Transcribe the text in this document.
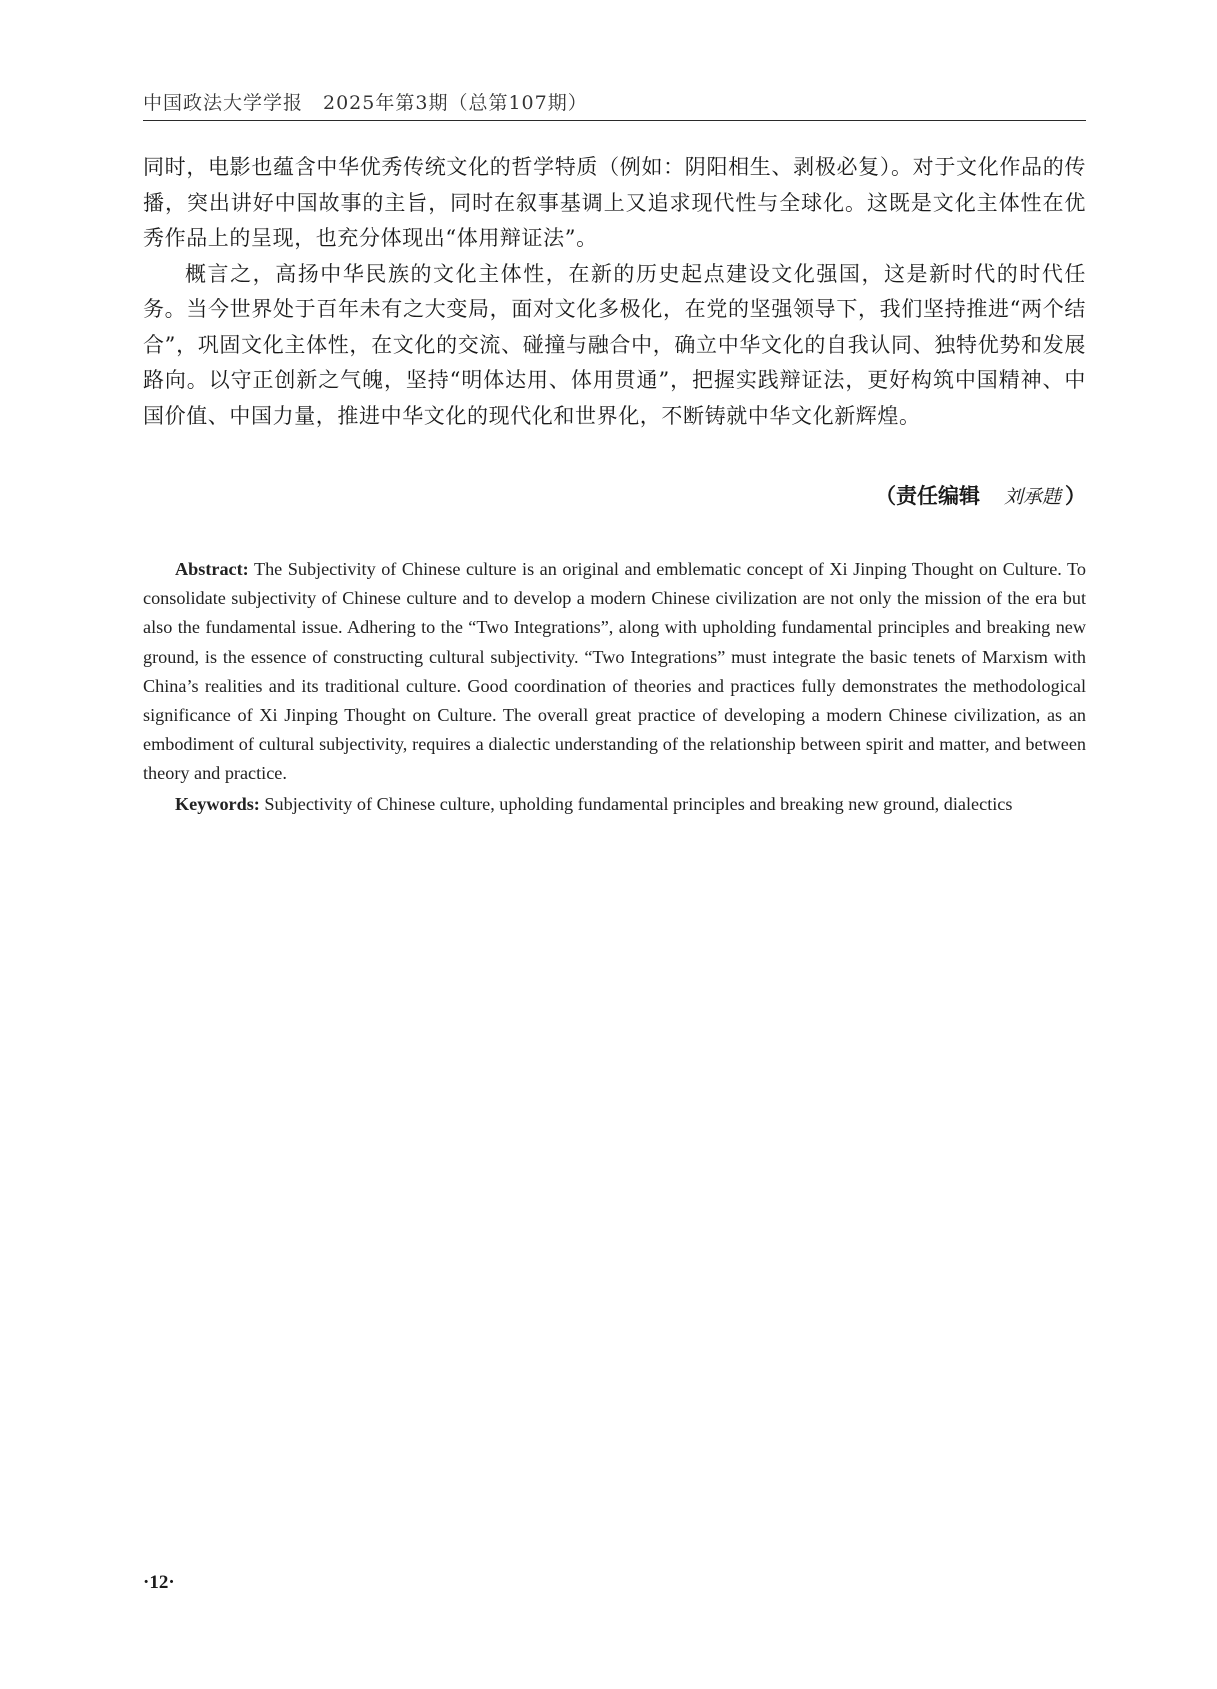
中国政法大学学报　2025年第3期（总第107期）

同时，电影也蕴含中华优秀传统文化的哲学特质（例如：阴阳相生、剥极必复）。对于文化作品的传播，突出讲好中国故事的主旨，同时在叙事基调上又追求现代性与全球化。这既是文化主体性在优秀作品上的呈现，也充分体现出“体用辩证法”。

概言之，高扬中华民族的文化主体性，在新的历史起点建设文化强国，这是新时代的时代任务。当今世界处于百年未有之大变局，面对文化多极化，在党的坚强领导下，我们坚持推进“两个结合”，巩固文化主体性，在文化的交流、碰撞与融合中，确立中华文化的自我认同、独特优势和发展路向。以守正创新之气魄，坚持“明体达用、体用贯通”，把握实践辩证法，更好构筑中国精神、中国价值、中国力量，推进中华文化的现代化和世界化，不断铸就中华文化新辉煌。

（责任编辑 刘承韪 ）

Abstract: The Subjectivity of Chinese culture is an original and emblematic concept of Xi Jinping Thought on Culture. To consolidate subjectivity of Chinese culture and to develop a modern Chinese civilization are not only the mission of the era but also the fundamental issue. Adhering to the “Two Integrations”, along with upholding fundamental principles and breaking new ground, is the essence of constructing cultural subjectivity. “Two Integrations” must integrate the basic tenets of Marxism with China’s realities and its traditional culture. Good coordination of theories and practices fully demonstrates the methodological significance of Xi Jinping Thought on Culture. The overall great practice of developing a modern Chinese civilization, as an embodiment of cultural subjectivity, requires a dialectic understanding of the relationship between spirit and matter, and between theory and practice.

Keywords: Subjectivity of Chinese culture, upholding fundamental principles and breaking new ground, dialectics

·12·
